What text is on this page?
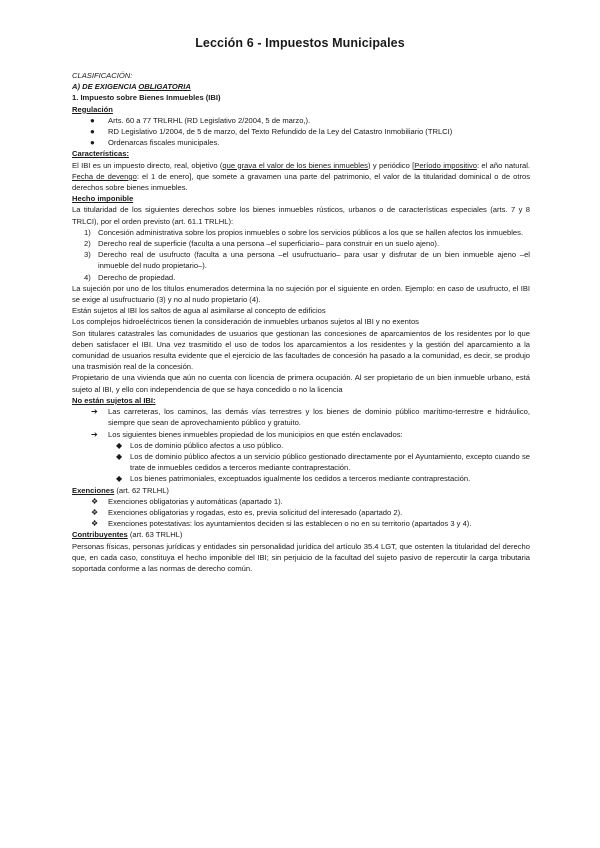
Lección 6 - Impuestos Municipales

CLASIFICACIÓN:

A) DE EXIGENCIA OBLIGATORIA

1. Impuesto sobre Bienes Inmuebles (IBI)

Regulación

● Arts. 60 a 77 TRLRHL (RD Legislativo 2/2004, 5 de marzo,).
● RD Legislativo 1/2004, de 5 de marzo, del Texto Refundido de la Ley del Catastro Inmobiliario (TRLCI)
● Ordenarcas fiscales municipales.

Características:

El IBI es un impuesto directo, real, objetivo (que grava el valor de los bienes inmuebles) y periódico [Período impositivo: el año natural. Fecha de devengo: el 1 de enero], que somete a gravamen una parte del patrimonio, el valor de la titularidad dominical o de otros derechos sobre bienes inmuebles.

Hecho imponible

La titularidad de los siguientes derechos sobre los bienes inmuebles rústicos, urbanos o de características especiales (arts. 7 y 8 TRLCI), por el orden previsto (art. 61.1 TRLHL):

1) Concesión administrativa sobre los propios inmuebles o sobre los servicios públicos a los que se hallen afectos los inmuebles.
2) Derecho real de superficie (faculta a una persona –el superficiario– para construir en un suelo ajeno).
3) Derecho real de usufructo (faculta a una persona –el usufructuario– para usar y disfrutar de un bien inmueble ajeno –el inmueble del nudo propietario–).
4) Derecho de propiedad.

La sujeción por uno de los títulos enumerados determina la no sujeción por el siguiente en orden. Ejemplo: en caso de usufructo, el IBI se exige al usufructuario (3) y no al nudo propietario (4).

Están sujetos al IBI los saltos de agua al asimilarse al concepto de edificios

Los complejos hidroeléctricos tienen la consideración de inmuebles urbanos sujetos al IBI y no exentos

Son titulares catastrales las comunidades de usuarios que gestionan las concesiones de aparcamientos de los residentes por lo que deben satisfacer el IBI. Una vez trasmitido el uso de todos los aparcamientos a los residentes y la gestión del aparcamiento a la comunidad de usuarios resulta evidente que el ejercicio de las facultades de concesión ha pasado a la comunidad, es decir, se produjo una trasmisión real de la concesión.

Propietario de una vivienda que aún no cuenta con licencia de primera ocupación. Al ser propietario de un bien inmueble urbano, está sujeto al IBI, y ello con independencia de que se haya concedido o no la licencia

No están sujetos al IBI:

➔ Las carreteras, los caminos, las demás vías terrestres y los bienes de dominio público marítimo-terrestre e hidráulico, siempre que sean de aprovechamiento público y gratuito.
➔ Los siguientes bienes inmuebles propiedad de los municipios en que estén enclavados:
◆ Los de dominio público afectos a uso público.
◆ Los de dominio público afectos a un servicio público gestionado directamente por el Ayuntamiento, excepto cuando se trate de inmuebles cedidos a terceros mediante contraprestación.
◆ Los bienes patrimoniales, exceptuados igualmente los cedidos a terceros mediante contraprestación.

Exenciones (art. 62 TRLHL)

❖ Exenciones obligatorias y automáticas (apartado 1).
❖ Exenciones obligatorias y rogadas, esto es, previa solicitud del interesado (apartado 2).
❖ Exenciones potestativas: los ayuntamientos deciden si las establecen o no en su territorio (apartados 3 y 4).

Contribuyentes (art. 63 TRLHL)

Personas físicas, personas jurídicas y entidades sin personalidad jurídica del artículo 35.4 LGT, que ostenten la titularidad del derecho que, en cada caso, constituya el hecho imponible del IBI; sin perjuicio de la facultad del sujeto pasivo de repercutir la carga tributaria soportada conforme a las normas de derecho común.
